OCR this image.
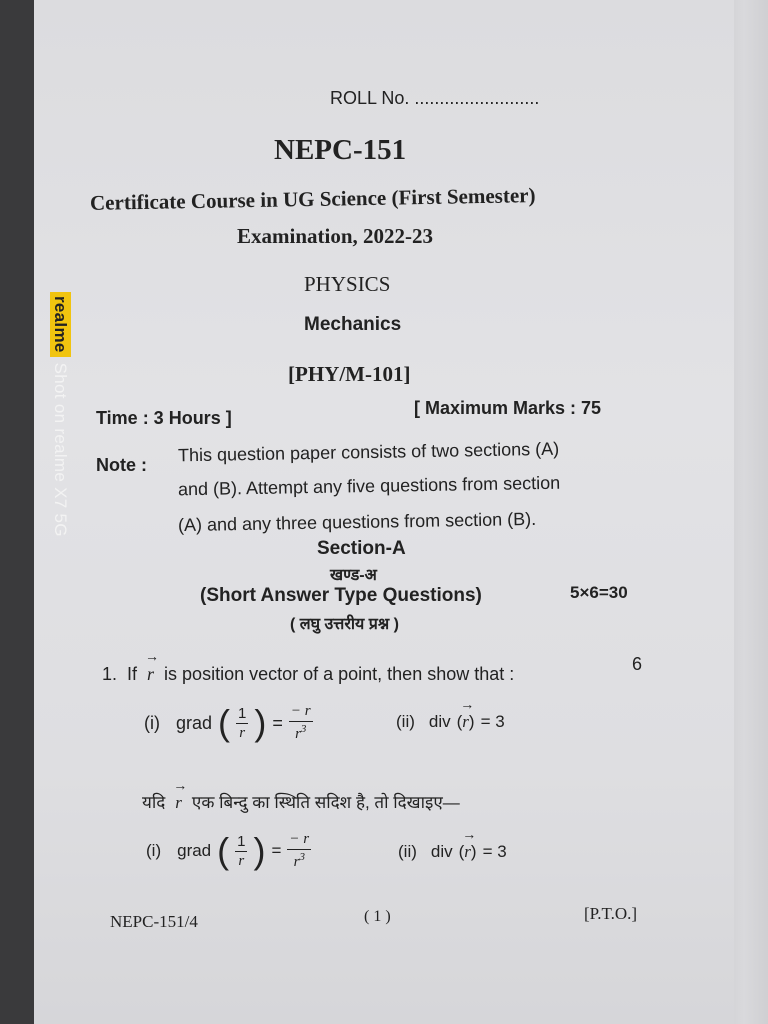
ROLL No. .........................
NEPC-151
Certificate Course in UG Science (First Semester)
Examination, 2022-23
PHYSICS
Mechanics
[PHY/M-101]
Time : 3 Hours ]	[ Maximum Marks : 75
Note : This question paper consists of two sections (A)
and (B). Attempt any five questions from section
(A) and any three questions from section (B).
Section-A
खण्ड-अ
(Short Answer Type Questions)	5×6=30
( लघु उत्तरीय प्रश्न )
1. If → r is position vector of a point, then show that :	6
(i) grad ( $\frac{1}{r}$ ) = $\frac{- r}{r^3}$	(ii) div (→ r) = 3
यदि → r एक बिन्दु का स्थिति सदिश है, तो दिखाइए—
(i) grad ( $\frac{1}{r}$ ) = $\frac{- r}{r^3}$	(ii) div (→ r) = 3
NEPC-151/4	( 1 )	[P.T.O.]
realmeShot on realme X7 5G
